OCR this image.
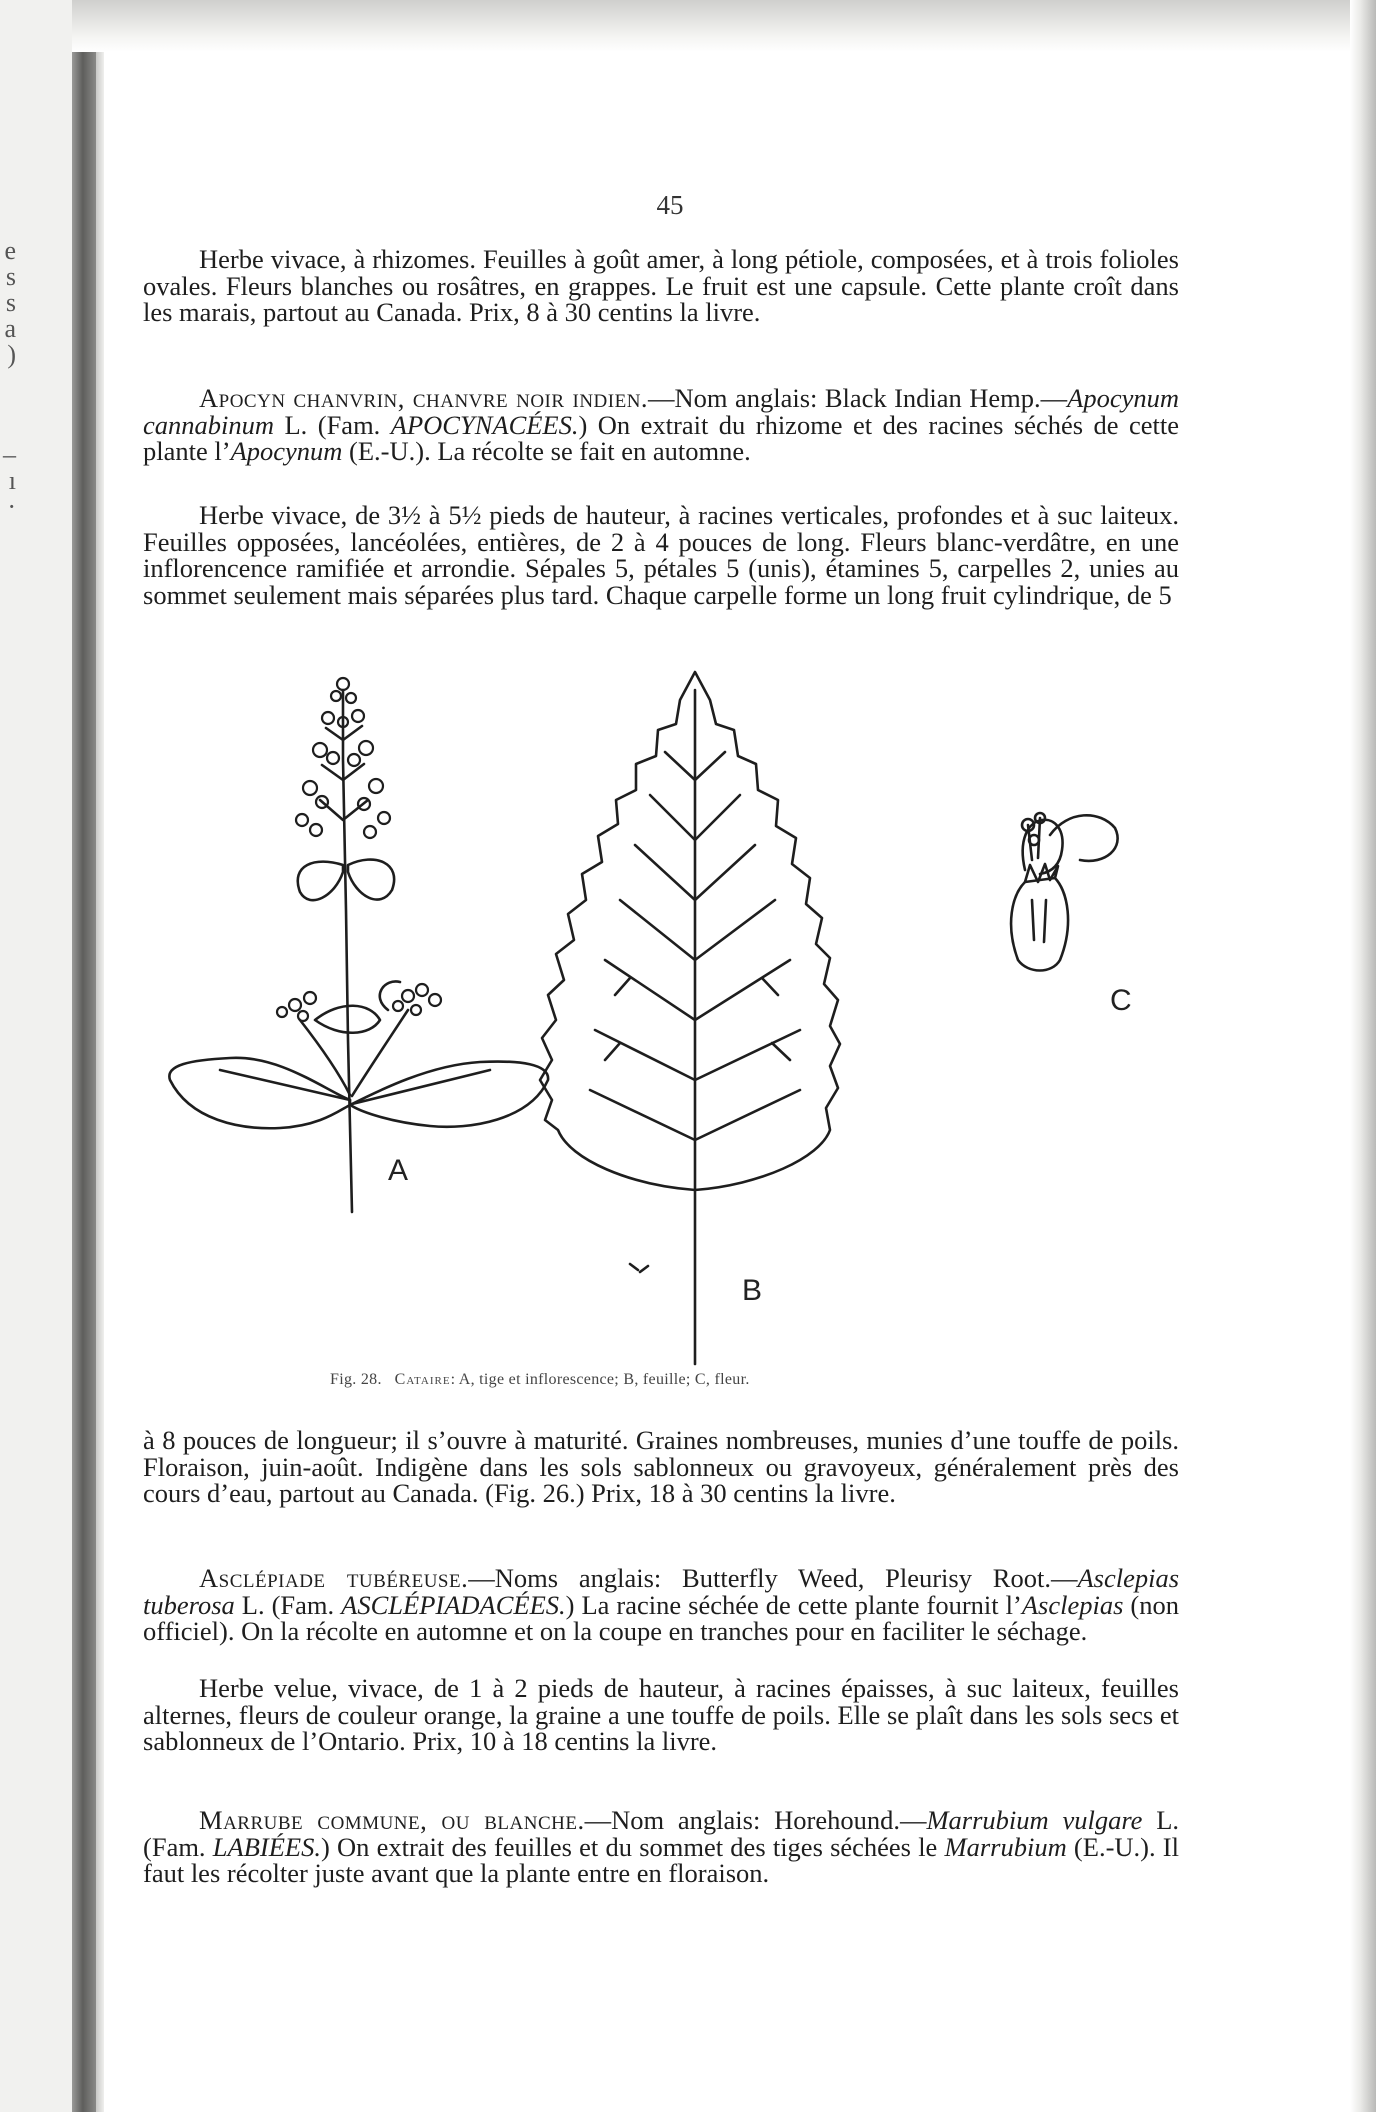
e
s
s
a
)
–
ı
·
45

Herbe vivace, à rhizomes. Feuilles à goût amer, à long pétiole, composées, et à trois folioles ovales. Fleurs blanches ou rosâtres, en grappes. Le fruit est une capsule. Cette plante croît dans les marais, partout au Canada. Prix, 8 à 30 centins la livre.

Apocyn chanvrin, chanvre noir indien.—Nom anglais: Black Indian Hemp.—Apocynum cannabinum L. (Fam. APOCYNACÉES.) On extrait du rhizome et des racines séchés de cette plante l’Apocynum (E.-U.). La récolte se fait en automne.

Herbe vivace, de 3½ à 5½ pieds de hauteur, à racines verticales, profondes et à suc laiteux. Feuilles opposées, lancéolées, entières, de 2 à 4 pouces de long. Fleurs blanc-verdâtre, en une inflorencence ramifiée et arrondie. Sépales 5, pétales 5 (unis), étamines 5, carpelles 2, unies au sommet seulement mais séparées plus tard. Chaque carpelle forme un long fruit cylindrique, de 5

A
B
C
Fig. 28. Cataire: A, tige et inflorescence; B, feuille; C, fleur.

à 8 pouces de longueur; il s’ouvre à maturité. Graines nombreuses, munies d’une touffe de poils. Floraison, juin-août. Indigène dans les sols sablonneux ou gravoyeux, généralement près des cours d’eau, partout au Canada. (Fig. 26.) Prix, 18 à 30 centins la livre.

Asclépiade tubéreuse.—Noms anglais: Butterfly Weed, Pleurisy Root.—Asclepias tuberosa L. (Fam. ASCLÉPIADACÉES.) La racine séchée de cette plante fournit l’Asclepias (non officiel). On la récolte en automne et on la coupe en tranches pour en faciliter le séchage.

Herbe velue, vivace, de 1 à 2 pieds de hauteur, à racines épaisses, à suc laiteux, feuilles alternes, fleurs de couleur orange, la graine a une touffe de poils. Elle se plaît dans les sols secs et sablonneux de l’Ontario. Prix, 10 à 18 centins la livre.

Marrube commune, ou blanche.—Nom anglais: Horehound.—Marrubium vulgare L. (Fam. LABIÉES.) On extrait des feuilles et du sommet des tiges séchées le Marrubium (E.-U.). Il faut les récolter juste avant que la plante entre en floraison.
